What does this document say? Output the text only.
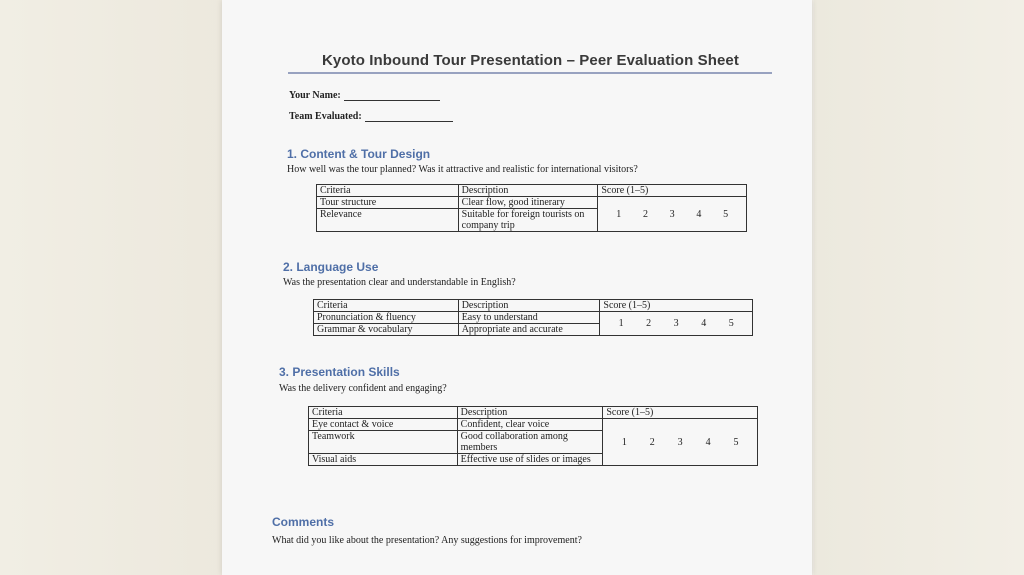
Kyoto Inbound Tour Presentation – Peer Evaluation Sheet
Your Name:
Team Evaluated:
1. Content & Tour Design
How well was the tour planned? Was it attractive and realistic for international visitors?
Criteria	Description	Score (1–5)
Tour structure	Clear flow, good itinerary	1 2 3 4 5

Relevance	Suitable for foreign tourists on company trip	
2. Language Use
Was the presentation clear and understandable in English?
Criteria	Description	Score (1–5)
Pronunciation & fluency	Easy to understand	1 2 3 4 5

Grammar & vocabulary	Appropriate and accurate	
3. Presentation Skills
Was the delivery confident and engaging?
Criteria	Description	Score (1–5)
Eye contact & voice	Confident, clear voice	1 2 3 4 5

Teamwork	Good collaboration among members	
Visual aids	Effective use of slides or images	
Comments
What did you like about the presentation? Any suggestions for improvement?
